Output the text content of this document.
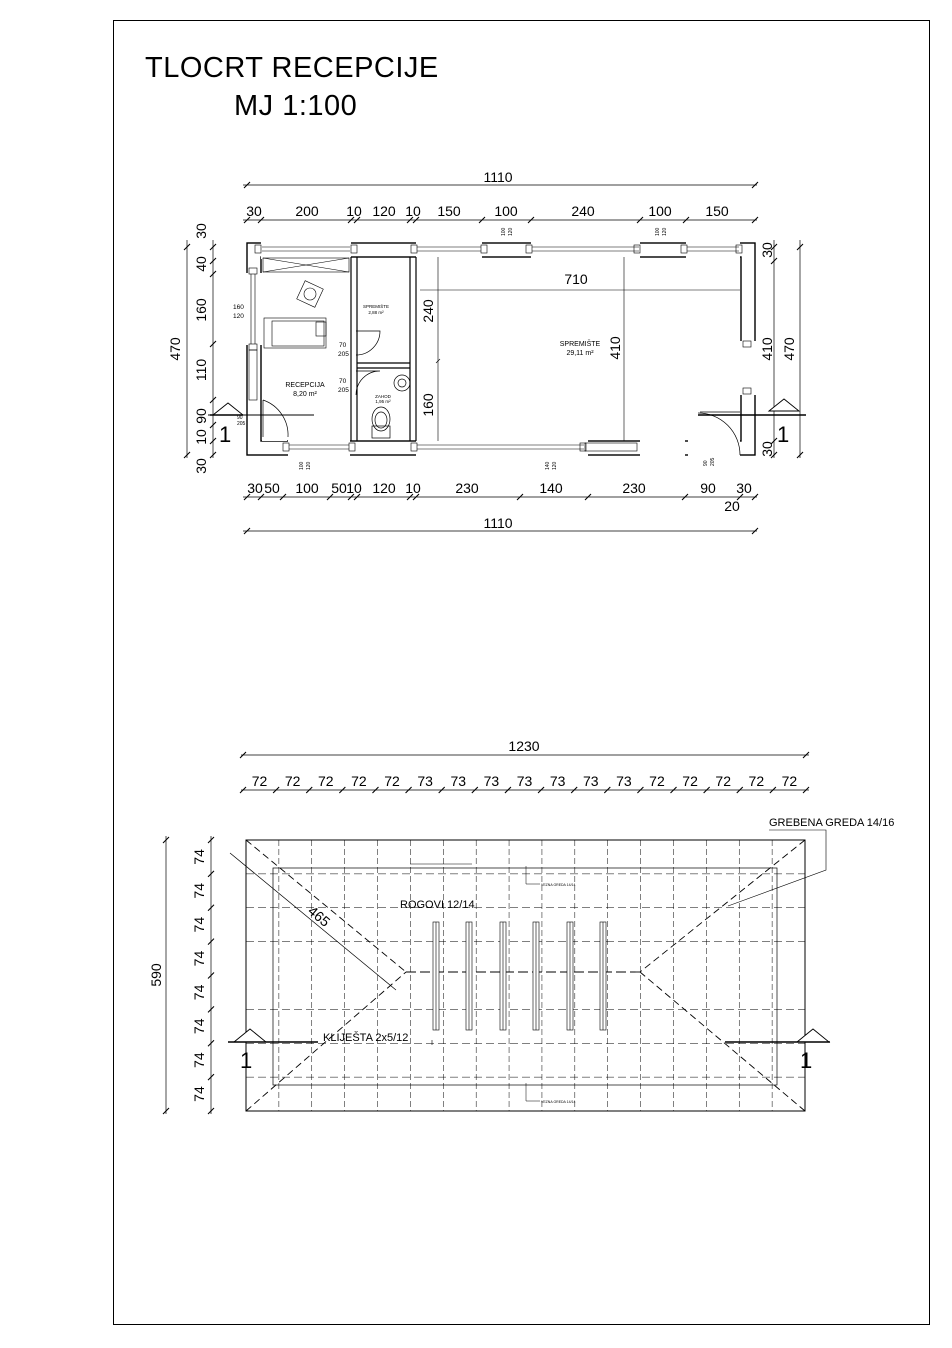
TLOCRT RECEPCIJE
MJ 1:100
1110
1110
30 200 10 120 10 150 100	240	100 150
30 50 100 50 10 120 10 230	140	230	90 30
20
470
30
40
160
110
90
10
30
470
30
410
30
710
410
240
160
1	1
RECEPCIJA
8,20 m²
SPREMIŠTE
29,11 m²
SPREMIŠTE
2,88 m²
ZAHOD
1,95 m²
160
120
70
205
70
205
90
205
100 120	100 120
100 120	140 120	90 205
1230
590
465
72 72 72 72 72 73 73 73 73 73 73 73 72 72 72 72 72
74
74
74
74
74
74
74
74
GREBENA GREDA 14/16
ROGOVI 12/14
KLIJEŠTA 2x5/12
VEZNA GREDA 14/14
VEZNA GREDA 14/14
1	1
